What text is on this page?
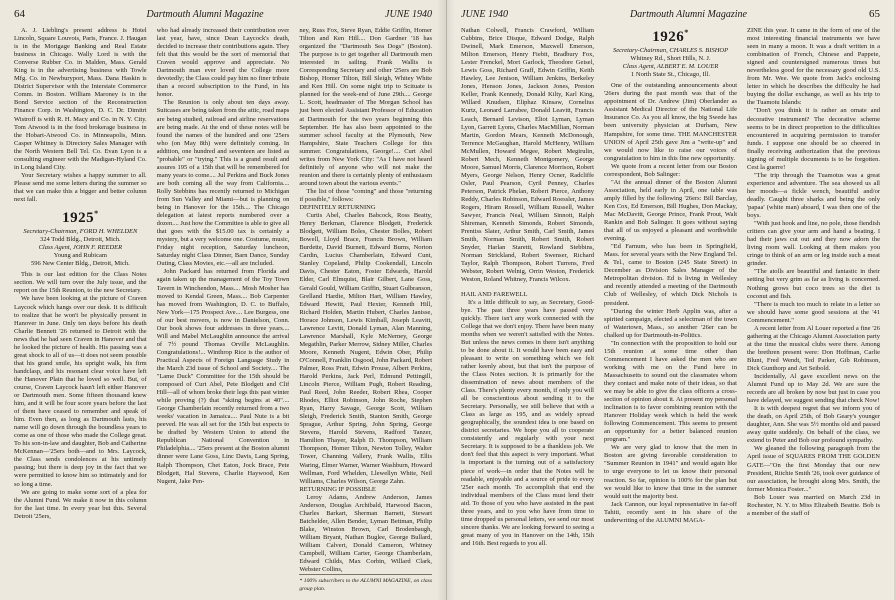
64	Dartmouth Alumni Magazine	JUNE 1940

A. J. Liebling's present address is Hotel Lincoln, Square Louvois, Paris, France. J. Haugan is in the Mortgage Banking and Real Estate business in Chicago. Wally Lord is with the Converse Rubber Co. in Malden, Mass. Gerald King is in the advertising business with Towle Mfg. Co. in Newburyport, Mass. Dana Haskin is District Supervisor with the Interstate Commerce Comm. in Boston. William Maroney is in the Bond Service section of the Reconstruction Finance Corp. in Washington, D. C. Dr. Dimitri Wistroff is with R. H. Macy and Co. in N. Y. City. Tom Atwood is in the food brokerage business in the Hobart-Atwood Co. in Minneapolis, Minn. Casper Whitney is Directory Sales Manager with the North Western Bell Tel. Co. Evan Lyon is a consulting engineer with the Madigan-Hyland Co. in Long Island City.

Your Secretary wishes a happy summer to all. Please send me some letters during the summer so that we can make this a bigger and better column next fall.

1925*

Secretary-Chairman, FORD H. WHELDEN

324 Todd Bldg., Detroit, Mich.

Class Agent, JOHN F. REEDER

Young and Rubicam

596 New Center Bldg., Detroit, Mich.

This is our last edition for the Class Notes section. We will turn over the July issue, and the report on the 15th Reunion, to the new Secretary.

We have been looking at the picture of Craven Laycock which hangs over our desk. It is difficult to realize that he won't be physically present in Hanover in June. Only ten days before his death Charlie Bennett '26 returned to Detroit with the news that he had seen Craven in Hanover and that he looked the picture of health. His passing was a great shock to all of us—it does not seem possible that his grand smile, his upright walk, his firm handclasp, and his resonant clear voice have left the Hanover Plain that he loved so well. But, of course, Craven Laycock hasn't left either Hanover or Dartmouth men. Some fifteen thousand knew him, and it will be four score years before the last of them have ceased to remember and speak of him. Even then, as long as Dartmouth lasts, his name will go down through the boundless years to come as one of those who made the College great. To his son-in-law and daughter, Bob and Catherine McKennan—'25ers both—and to Mrs. Laycock, the Class sends condolences at his untimely passing; but there is deep joy in the fact that we were permitted to know him so intimately and for so long a time.

We are going to make some sort of a plea for the Alumni Fund. We make it now in this column for the last time. In every year but this. Several Detroit '25ers,

who had already increased their contribution over last year, have, since Dean Laycock's death, decided to increase their contributions again. They felt that this would be the sort of memorial that Craven would approve and appreciate. No Dartmouth man ever loved the College more devotedly; the Class could pay him no finer tribute than a record subscription to the Fund, in his honor.

The Reunion is only about ten days away. Suitcases are being taken from the attic, road maps are being studied, railroad and airline reservations are being made. At the end of these notes will be found the names of the hundred and one '25ers who (on May 8th) were definitely coming. In addition, one hundred and seventeen are listed as "probable" or "trying." This is a grand result and assures 195 of a 15th that will be remembered for many years to come.... Jul Perkins and Buck Jones are both coming all the way from California.... Rolly Stebbins has recently returned to Michigan from Sun Valley and Miami—but is planning on being in Hanover for the 15th.... The Chicago delegation at latest reports numbered over a dozen.... Just how the Committee is able to give all that goes with the $15.00 tax is certainly a mystery, but a very welcome one. Costume, music, Friday night reception, Saturday luncheon, Saturday night Class Dinner, Barn Dance, Sunday Outing, Class Movies, etc.—all are included.

John Packard has returned from Florida and again taken up the management of the Toy Town Tavern in Winchendon, Mass.... Mosh Mosher has moved to Kendal Green, Mass.... Bob Carpenter has moved from Washington, D. C. to Buffalo, New York—175 Prospect Ave.... Lee Burgess, one of our best movers, is now in Danielson, Conn. Our book shows four addresses in three years.... Will and Mabel McLaughlin announce the arrival of 7½ pound Thomas Orville McLaughlin. Congratulations!... Winthrop Rice is the author of Practical Aspects of Foreign Language Study in the March 23d issue of School and Society.... The "Lame Duck" Committee for the 15th should be composed of Curt Abel, Pete Blodgett and Clif Hill—all of whom broke their legs this past winter while proving (?) that "skiing begins at 40".... George Chamberlain recently returned from a two weeks' vacation in Jamaica.... Paul Nute is a bit peeved. He was all set for the 15th but expects to be drafted by Western Union to attend the Republican National Convention in Philadelphia.... '25ers present at the Boston alumni dinner were Lane Goss, Linc Davis, Lang Spring, Ralph Thompson, Chet Eaton, Jock Brace, Pete Blodgett, Hal Stevens, Charlie Haywood, Ken Nugent, Jake Pen-

ney, Russ Fox, Steve Ryan, Eddie Griffin, Homer Tilton and Ken Hill.... Don Gardner '18 has organized the "Dartmouth Sea Dogs" (Boston). The purpose is to get together all Dartmouth men interested in sailing. Frank Wallis is Corresponding Secretary and other '25ers are Bob Bishop, Homer Tilton, Bill Sleigh, Whitey White and Ken Hill. On some night trip to Scituate is planned for the week-end of June 29th.... George L. Scott, headmaster of The Morgan School has just been elected Assistant Professor of Education at Dartmouth for the two years beginning this September. He has also been appointed to the summer school faculty at the Plymouth, New Hampshire, State Teachers College for this summer. Congratulations, George!.... Curt Abel writes from New York City: "As I have not heard definitely of anyone who will not make the reunion and there is certainly plenty of enthusiasm around town about the various events."

The list of those "coming" and those "returning if possible," follows:

DEFINITELY RETURNING

Curtis Abel, Charles Babcock, Ross Beatty, Henry Berkman, Clarence Blodgett, Frederick Blodgett, William Boles, Chester Bolles, Robert Bowell, Lloyd Brace, Francis Brown, William Burdette, David Burnett, Edward Burns, Norton Cardin, Lucius Chamberlain, Edward Cunt, Stanley Copeland, Philip Cookendall, Lincoln Davis, Chester Eaton, Foster Edwards, Harold Elder, Carl Elmquist, Blair Gilbert, Lane Goss, Gerald Gould, William Griffin, Stuart Gulbranson, Grelland Hardie, Milton Hart, William Hawley, Edward Hewitt, Paul Hexter, Kenneth Hill, Richard Holden, Martin Hubert, Charles Janisse, Horace Johnson, Lewis Kimball, Joseph Leavitt, Lawrence Levitt, Donald Lyman, Alan Manning, Lawrence Marshall, Kyle McNerney, George Megathlin, Parker Merrow, Sidney Miller, Charles Moore, Kenneth Nugent, Edwin Ober, Philip O'Connell, Franklin Osgood, John Packard, Robert Palmer, Ross Pratt, Edwin Prouse, Albert Perkins, Harold Perkins, Jack Perl, Edmund Pettingill, Lincoln Pierce, William Pugh, Robert Reading, Paul Reed, John Reeder, Robert Rhea, Cooper Rhodes, Elliot Robinson, John Roche, Stephen Ryan, Harry Savage, George Scott, William Sleigh, Frederick Smith, Stanton Smith, George Sprague, Arthur Spring, John Spring, George Stevens, Harold Stevens, Radford Tanzer, Hamilton Thayer, Ralph D. Thompson, William Thompson, Homer Tilton, Newton Tolley, Walter Tower, Channing Vallery, Frank Wallis, Ellis Waring, Elmer Warner, Warner Washburn, Howard Wellman, Ford Whelden, Llewellyn White, Neil Williams, Charles Wilson, George Zahn.

RETURNING IF POSSIBLE

Leroy Adams, Andrew Anderson, James Anderson, Douglas Archibald, Harwood Bacon, Charles Barkart, Sherman Barnett, Stewart Batchelder, Allen Bender, Lyman Bettman, Philip Blake, Winston Brown, Carl Brodenbaugh, William Bryant, Nathan Buglee, George Bullard, William Calvert, Donald Cameron, Whitney Campbell, William Carter, George Chamberlain, Edward Childs, Max Corbin, Willard Clark, Webster Collins,

* 100% subscribers to the ALUMNI MAGAZINE, on class group plan.

JUNE 1940	Dartmouth Alumni Magazine	65

Nathan Colwell, Francis Crawford, William Cubbins, Brice Disque, Edward Dodge, Ralph Dwinell, Mark Emerson, Maxwell Emerson, Milton Emerson, Henry Fiebit, Bradbury Fox, Lester Frenckel, Mort Garlock, Theodore Geisel, Lewis Goss, Richard Graff, Edwin Griffin, Keith Hawley, Lee Jenison, William Jenkins, Berkeley Jones, Henson Jones, Jackson Jones, Preston Keller, Frank Kennedy, Donald Kilty, Karl King, Willard Knudsen, Eliphaz Kinsaw, Cornelius Kurtz, Leonard Larrabee, Donald Leavitt, Francis Leach, Bernard Levison, Eliot Lyman, Lyman Lyon, Garrett Lyons, Charles MacMillian, Norman Martin, Gordon Mears, Kenneth McDonough, Terrence McGaughan, Harold McHenry, William McMullen, Howard Megee, Robert Megirulin, Robert Mech, Kenneth Montgomery, George Moore, Samuel Morris, Clarence Morrison, Robert Myers, George Nelson, Henry Ocner, Radcliffe Osler, Paul Pearson, Cyril Penney, Charles Peterson, Patrick Phelan, Robert Pierce, Anthony Reddy, Charles Robinson, Edward Roessler, James Rogers, Hiram Rossell, William Russell, Walter Sawyer, Francis Neal, William Sinnott, Ralph Shireman, Kenneth Simonds, Robert Simonds, Prentiss Slater, Arthur Smith, Carl Smith, James Smith, Norman Smith, Robert Smith, Robert Snyder, Harlan Staretti, Rowland Stebbins, Norman Strickland, Robert Swenser, Richard Taylor, Ralph Thompson, Robert Turrens, Fred Webster, Robert Welnig, Orrin Weston, Frederick Weston, Roland Whitney, Francis Wilcox.

HAIL AND FAREWELL

It's a little difficult to say, as Secretary, Good-bye. The past three years have passed very quickly. There isn't any work connected with the College that we don't enjoy. There have been many months when we weren't satisfied with the Notes. But unless the news comes in there isn't anything to be done about it. It would have been easy and pleasant to write on something which we felt rather keenly about, but that isn't the purpose of the Class Notes section. It is primarily for the dissemination of news about members of the Class. There's plenty every month, if only you will all be conscientious about sending it to the Secretary. Personally, we still believe that with a Class as large as 195, and as widely spread geographically, the soundest idea is one based on district secretaries. We hope you all to cooperate consistently and regularly with your next Secretary. It is supposed to be a thankless job. We don't feel that this aspect is very important. What is important is the turning out of a satisfactory piece of work—in order that the Notes will be readable, enjoyable and a source of pride to every '25er each month. To accomplish that end the individual members of the Class must lend their aid. To those of you who have assisted in the past three years, and to you who have from time to time dropped us personal letters, we send our most sincere thanks. We are looking forward to seeing a great many of you in Hanover on the 14th, 15th and 16th. Best regards to you all.

1926*

Secretary-Chairman, CHARLES S. BISHOP

Whitney Rd., Short Hills, N. J.

Class Agent, ALBERT E. M. LOUER

1 North State St., Chicago, Ill.

One of the outstanding announcements about '26ers during the past month was that of the appointment of Dr. Andrew (Jim) Oberlander as Assistant Medical Director of the National Life Insurance Co. As you all know, the big Swede has been university physician at Durham, New Hampshire, for some time. THE MANCHESTER UNION of April 25th gave Jim a "write-up" and we would now like to raise our voices of congratulation to him in this fine new opportunity.

We quote from a recent letter from our Boston correspondent, Bob Salinger:

"At the annual dinner of the Boston Alumni Association, held early in April, one table was amply filled by the following '26ers: Bill Barclay, Ken Cox, Ed Emerson, Bill Hughes, Don Mackay, Mac McDavitt, George Prince, Frank Prout, Walt Rankin and Bob Salinger. It goes without saying that all of us enjoyed a pleasant and worthwhile evening.

"Ed Farnum, who has been in Springfield, Mass. for several years with the New England Tel. & Tel., came to Boston (245 State Street) in December as Division Sales Manager of the Metropolitan division. Ed is living in Wellesley and recently attended a meeting of the Dartmouth Club of Wellesley, of which Dick Nichols is president.

"During the winter Herb Applin was, after a spirited campaign, elected a selectman of the town of Watertown, Mass., so another '26er can be chalked up for Dartmouth-in-Politics.

"In connection with the proposition to hold our 15th reunion at some time other than Commencement I have asked the men who are working with me on the Fund here in Massachusetts to sound out the classmates whom they contact and make note of their ideas, so that we may be able to give the class officers a cross-section of opinion about it. At present my personal inclination is to favor combining reunion with the Hanover Holiday week which is held the week following Commencement. This seems to present an opportunity for a better balanced reunion program."

We are very glad to know that the men in Boston are giving favorable consideration to "Summer Reunion in 1941" and would again like to urge everyone to let us know their personal reaction. So far, opinion is 100% for the plan but we would like to know that time in the summer would suit the majority best.

Jack Cannon, our loyal representative in far-off Tahiti, recently sent in his share of the underwriting of the ALUMNI MAGA-

ZINE this year. It came in the form of one of the most interesting financial instruments we have seen in many a moon. It was a draft written in a combination of French, Chinese and Pappete, signed and countersigned numerous times but nevertheless good for the necessary good old U.S. from Mr. Wee. We quote from Jack's enclosing letter in which he describes the difficulty he had buying the dollar exchange, as well as his trip to the Tuamotu Islands:

"Don't you think it is rather an ornate and decorative instrument? The decorative scheme seems to be in direct proportion to the difficulties encountered in acquiring permission to transfer funds. I suppose one should be so cheered in finally receiving authorization that the previous signing of multiple documents is to be forgotten. Cest la guerre!

"The trip through the Tuamotus was a great experience and adventure. The sea showed us all her moods—a fickle wench, beautiful and/or deadly. Caught three sharks and being the only 'papaa' (white man) aboard, I was then one of the boys.

"With just hook and line, no pole, those fiendish critters can give your arm and hand a beating. I had their jaws cut out and they now adorn the living room wall. Looking at them makes you cringe to think of an arm or leg inside such a meat grinder.

"The atolls are beautiful and fantastic in their setting but very grim as far as living is concerned. Nothing grows but coco trees so the diet is coconut and fish.

"There is much too much to relate in a letter so we should have some good sessions at the '41 Commencement."

A recent letter from Al Louer reported a fine '26 gathering at the Chicago Alumni Association party at the time the musical clubs were there. Among the brethren present were: Don Hoffman, Carlie Blunt, Fred Wendt, Ted Parker, Gib Robinson, Dick Gunthorp and Art Seibold.

Incidentally, Al gave excellent news on the Alumni Fund up to May 2d. We are sure the records are all broken by now but just in case you have delayed, we suggest sending that check Now!

It is with deepest regret that we inform you of the death, on April 25th, of Bob Geary's younger daughter, Ann. She was 5½ months old and passed away quite suddenly. On behalf of the class, we extend to Peter and Bob our profound sympathy.

We gleaned the following paragraph from the April issue of SQUARES FROM THE GOLDEN GATE—"On the first Monday that our new President, Ritchie Smith '26, took over guidance of our association, he brought along Mrs. Smith, the former Monica Foster..."

Bob Louer was married on March 23d in Rochester, N. Y. to Miss Elizabeth Beattie. Bob is a member of the staff of
